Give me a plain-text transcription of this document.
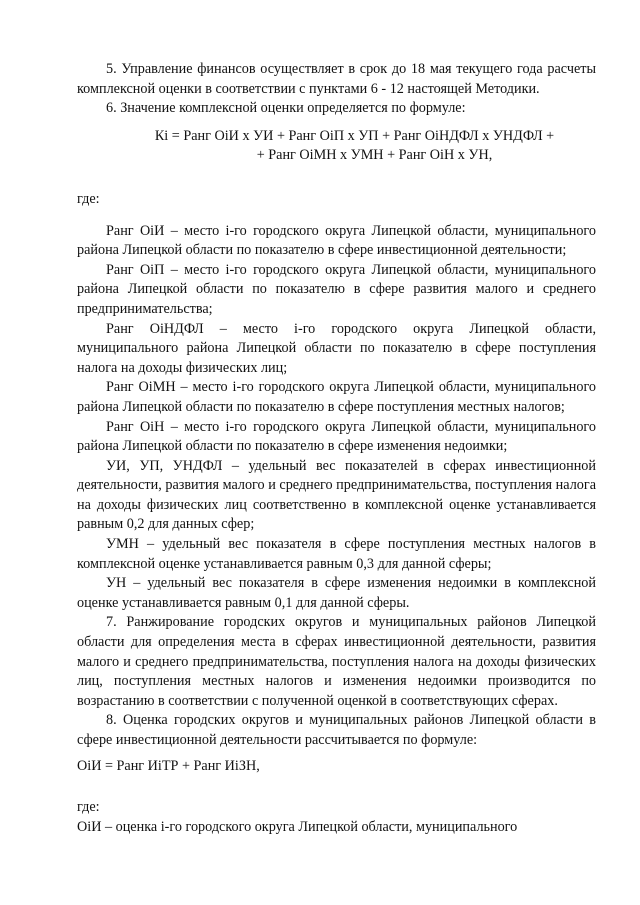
5. Управление финансов осуществляет в срок до 18 мая текущего года расчеты комплексной оценки в соответствии с пунктами 6 - 12 настоящей Методики.

6. Значение комплексной оценки определяется по формуле:

Кi = Ранг OiИ х УИ + Ранг OiП х УП + Ранг OiНДФЛ х УНДФЛ +
+ Ранг OiМН х УМН + Ранг OiН х УН,

где:

Ранг OiИ – место i-го городского округа Липецкой области, муниципального района Липецкой области по показателю в сфере инвестиционной деятельности;

Ранг OiП – место i-го городского округа Липецкой области, муниципального района Липецкой области по показателю в сфере развития малого и среднего предпринимательства;

Ранг OiНДФЛ – место i-го городского округа Липецкой области, муниципального района Липецкой области по показателю в сфере поступления налога на доходы физических лиц;

Ранг OiМН – место i-го городского округа Липецкой области, муниципального района Липецкой области по показателю в сфере поступления местных налогов;

Ранг OiН – место i-го городского округа Липецкой области, муниципального района Липецкой области по показателю в сфере изменения недоимки;

УИ, УП, УНДФЛ – удельный вес показателей в сферах инвестиционной деятельности, развития малого и среднего предпринимательства, поступления налога на доходы физических лиц соответственно в комплексной оценке устанавливается равным 0,2 для данных сфер;

УМН – удельный вес показателя в сфере поступления местных налогов в комплексной оценке устанавливается равным 0,3 для данной сферы;

УН – удельный вес показателя в сфере изменения недоимки в комплексной оценке устанавливается равным 0,1 для данной сферы.

7. Ранжирование городских округов и муниципальных районов Липецкой области для определения места в сферах инвестиционной деятельности, развития малого и среднего предпринимательства, поступления налога на доходы физических лиц, поступления местных налогов и изменения недоимки производится по возрастанию в соответствии с полученной оценкой в соответствующих сферах.

8. Оценка городских округов и муниципальных районов Липецкой области в сфере инвестиционной деятельности рассчитывается по формуле:

OiИ = Ранг ИiТР + Ранг ИiЗН,

где:

OiИ – оценка i-го городского округа Липецкой области, муниципального
